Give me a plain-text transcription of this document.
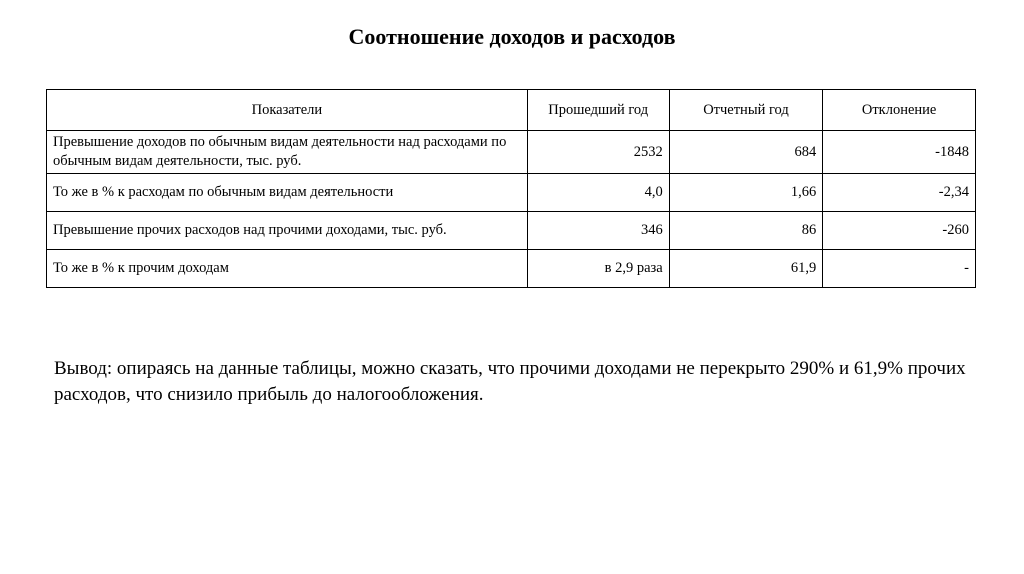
Соотношение доходов и расходов
Показатели	Прошедший год	Отчетный год	Отклонение
Превышение доходов по обычным видам деятельности над расходами по обычным видам деятельности, тыс. руб.	2532	684	-1848
То же в % к расходам по обычным видам деятельности	4,0	1,66	-2,34
Превышение прочих расходов над прочими доходами, тыс. руб.	346	86	-260
То же в % к прочим доходам	в 2,9 раза	61,9	-
Вывод: опираясь на данные таблицы, можно сказать, что прочими доходами не перекрыто 290% и 61,9% прочих расходов, что снизило прибыль до налогообложения.
